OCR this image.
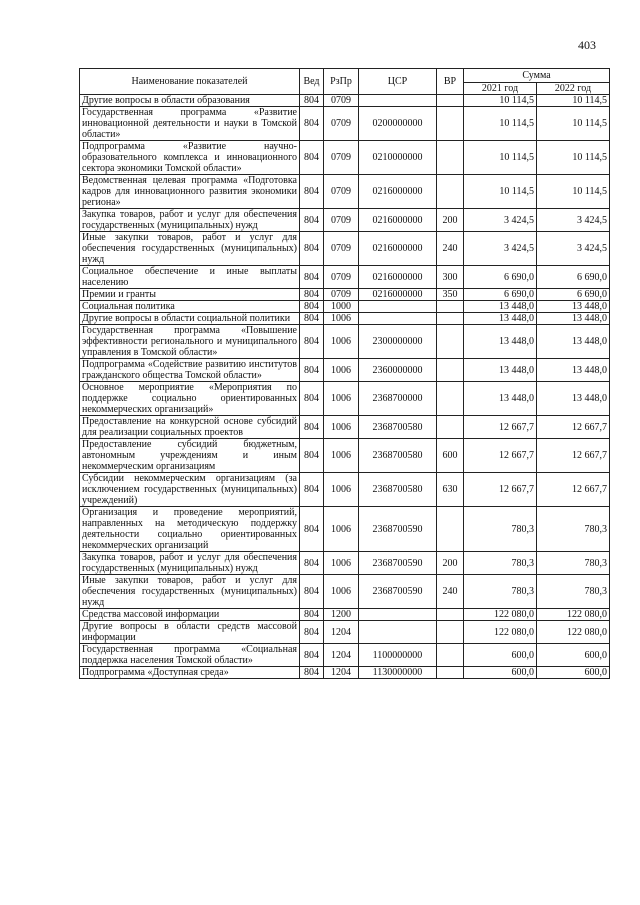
403
Наименование показателей	Вед	РзПр	ЦСР	ВР	Сумма	
					2021 год	2022 год
Другие вопросы в области образования	804	0709			10 114,5	10 114,5
Государственная программа «Развитие инновационной деятельности и науки в Томской области»	804	0709	0200000000		10 114,5	10 114,5
Подпрограмма «Развитие научно-образовательного комплекса и инновационного сектора экономики Томской области»	804	0709	0210000000		10 114,5	10 114,5
Ведомственная целевая программа «Подготовка кадров для инновационного развития экономики региона»	804	0709	0216000000		10 114,5	10 114,5
Закупка товаров, работ и услуг для обеспечения государственных (муниципальных) нужд	804	0709	0216000000	200	3 424,5	3 424,5
Иные закупки товаров, работ и услуг для обеспечения государственных (муниципальных) нужд	804	0709	0216000000	240	3 424,5	3 424,5
Социальное обеспечение и иные выплаты населению	804	0709	0216000000	300	6 690,0	6 690,0
Премии и гранты	804	0709	0216000000	350	6 690,0	6 690,0
Социальная политика	804	1000			13 448,0	13 448,0
Другие вопросы в области социальной политики	804	1006			13 448,0	13 448,0
Государственная программа «Повышение эффективности регионального и муниципального управления в Томской области»	804	1006	2300000000		13 448,0	13 448,0
Подпрограмма «Содействие развитию институтов гражданского общества Томской области»	804	1006	2360000000		13 448,0	13 448,0
Основное мероприятие «Мероприятия по поддержке социально ориентированных некоммерческих организаций»	804	1006	2368700000		13 448,0	13 448,0
Предоставление на конкурсной основе субсидий для реализации социальных проектов	804	1006	2368700580		12 667,7	12 667,7
Предоставление субсидий бюджетным, автономным учреждениям и иным некоммерческим организациям	804	1006	2368700580	600	12 667,7	12 667,7
Субсидии некоммерческим организациям (за исключением государственных (муниципальных) учреждений)	804	1006	2368700580	630	12 667,7	12 667,7
Организация и проведение мероприятий, направленных на методическую поддержку деятельности социально ориентированных некоммерческих организаций	804	1006	2368700590		780,3	780,3
Закупка товаров, работ и услуг для обеспечения государственных (муниципальных) нужд	804	1006	2368700590	200	780,3	780,3
Иные закупки товаров, работ и услуг для обеспечения государственных (муниципальных) нужд	804	1006	2368700590	240	780,3	780,3
Средства массовой информации	804	1200			122 080,0	122 080,0
Другие вопросы в области средств массовой информации	804	1204			122 080,0	122 080,0
Государственная программа «Социальная поддержка населения Томской области»	804	1204	1100000000		600,0	600,0
Подпрограмма «Доступная среда»	804	1204	1130000000		600,0	600,0
